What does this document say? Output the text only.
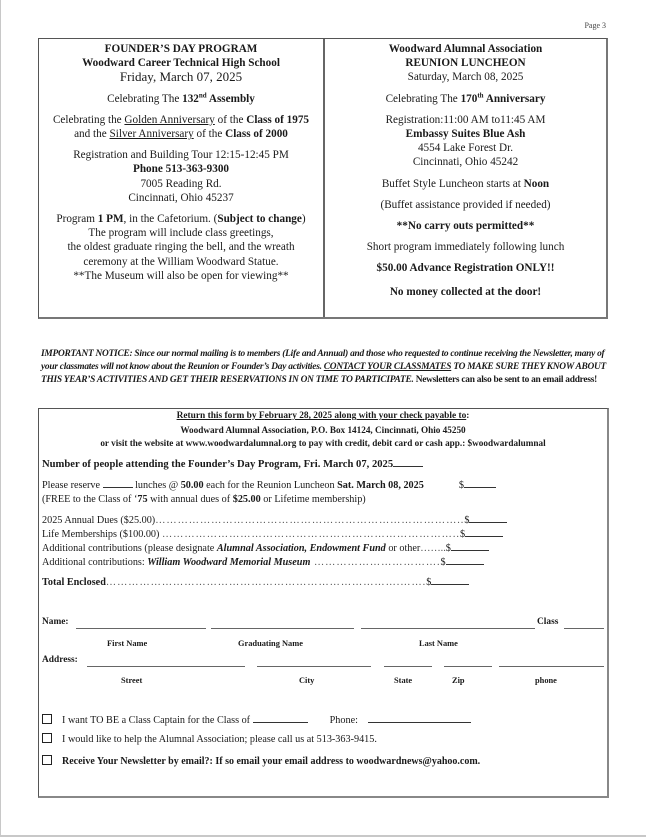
Page 3

FOUNDER’S DAY PROGRAM

Woodward Career Technical High School

Friday, March 07, 2025

Celebrating The 132nd Assembly

Celebrating the Golden Anniversary of the Class of 1975

and the Silver Anniversary of the Class of 2000

Registration and Building Tour 12:15-12:45 PM

Phone 513-363-9300

7005 Reading Rd.

Cincinnati, Ohio 45237

Program 1 PM, in the Cafetorium. (Subject to change)

The program will include class greetings,

the oldest graduate ringing the bell, and the wreath

ceremony at the William Woodward Statue.

**The Museum will also be open for viewing**

Woodward Alumnal Association

REUNION LUNCHEON

Saturday, March 08, 2025

Celebrating The 170th Anniversary

Registration:11:00 AM to11:45 AM

Embassy Suites Blue Ash

4554 Lake Forest Dr.

Cincinnati, Ohio 45242

Buffet Style Luncheon starts at Noon

(Buffet assistance provided if needed)

**No carry outs permitted**

Short program immediately following lunch

$50.00 Advance Registration ONLY!!

No money collected at the door!

IMPORTANT NOTICE: Since our normal mailing is to members (Life and Annual) and those who requested to continue receiving the Newsletter, many of your classmates will not know about the Reunion or Founder’s Day activities. CONTACT YOUR CLASSMATES TO MAKE SURE THEY KNOW ABOUT THIS YEAR’S ACTIVITIES AND GET THEIR RESERVATIONS IN ON TIME TO PARTICIPATE. Newsletters can also be sent to an email address!
Return this form by February 28, 2025 along with your check payable to:
Woodward Alumnal Association, P.O. Box 14124, Cincinnati, Ohio 45250
or visit the website at www.woodwardalumnal.org to pay with credit, debit card or cash app.: $woodwardalumnal
Number of people attending the Founder’s Day Program, Fri. March 07, 2025
Please reserve	lunches @ 50.00 each for the Reunion Luncheon Sat. March 08, 2025	$
(FREE to the Class of ‘75 with annual dues of $25.00 or Lifetime membership)
2025 Annual Dues ($25.00)………………………………………………………………………..$
Life Memberships ($100.00) ……………………………………………………………………..$
Additional contributions (please designate Alumnal Association, Endowment Fund or other……..$
Additional contributions: William Woodward Memorial Museum …………………………….$
Total Enclosed…………………………………………………………………….…….$
Name:	Class
First Name	Graduating Name	Last Name
Address:
Street	City	State	Zip	phone
I want TO BE a Class Captain for the Class of	Phone:
I would like to help the Alumnal Association; please call us at 513-363-9415.
Receive Your Newsletter by email?: If so email your email address to woodwardnews@yahoo.com.
